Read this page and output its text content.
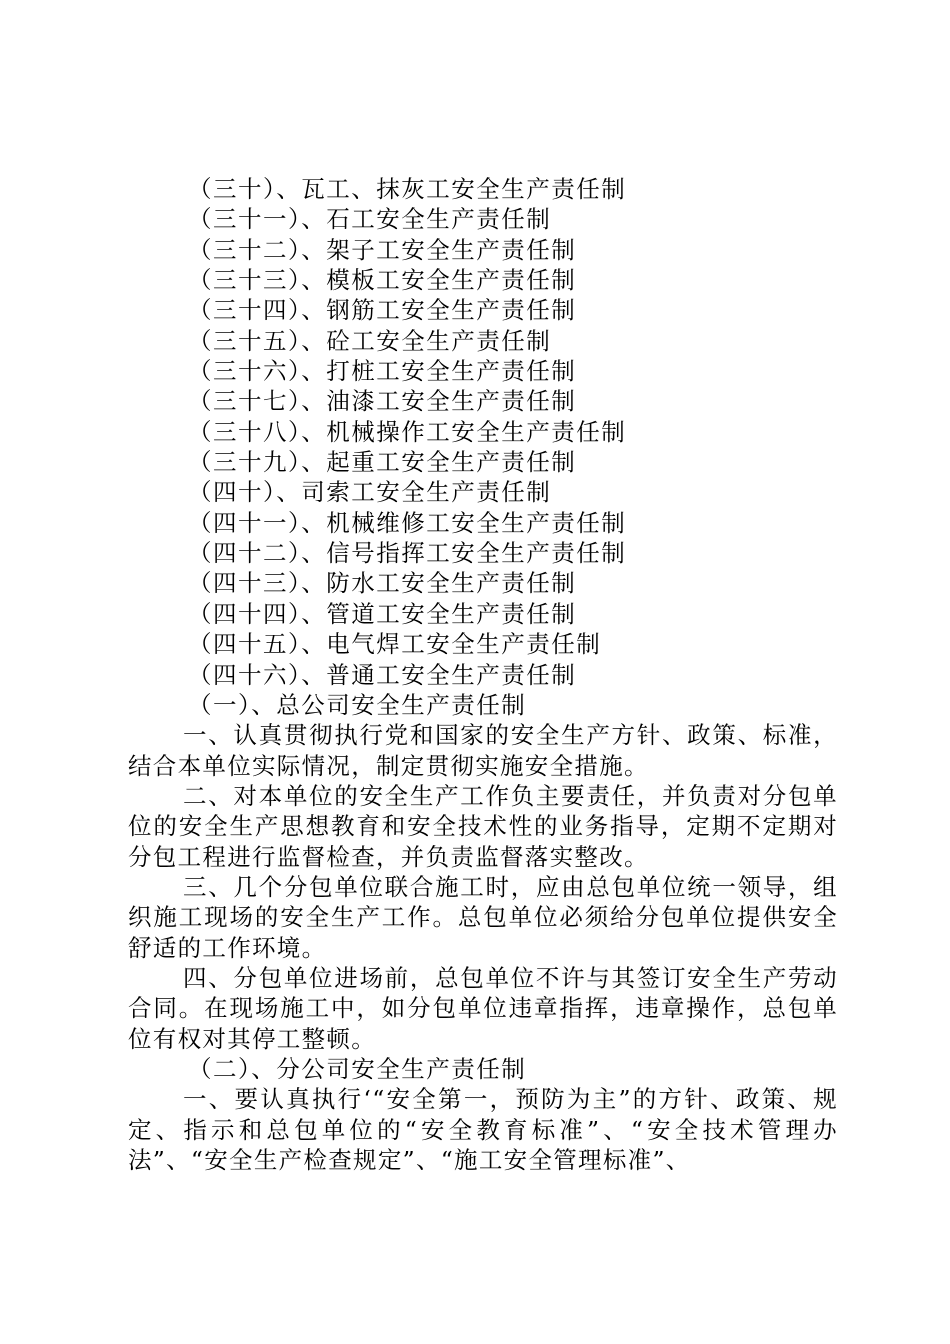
（三十）、瓦工、抹灰工安全生产责任制
（三十一）、石工安全生产责任制
（三十二）、架子工安全生产责任制
（三十三）、模板工安全生产责任制
（三十四）、钢筋工安全生产责任制
（三十五）、砼工安全生产责任制
（三十六）、打桩工安全生产责任制
（三十七）、油漆工安全生产责任制
（三十八）、机械操作工安全生产责任制
（三十九）、起重工安全生产责任制
（四十）、司索工安全生产责任制
（四十一）、机械维修工安全生产责任制
（四十二）、信号指挥工安全生产责任制
（四十三）、防水工安全生产责任制
（四十四）、管道工安全生产责任制
（四十五）、电气焊工安全生产责任制
（四十六）、普通工安全生产责任制
（一）、总公司安全生产责任制

一、认真贯彻执行党和国家的安全生产方针、政策、标准，结合本单位实际情况，制定贯彻实施安全措施。

二、对本单位的安全生产工作负主要责任，并负责对分包单位的安全生产思想教育和安全技术性的业务指导，定期不定期对分包工程进行监督检查，并负责监督落实整改。

三、几个分包单位联合施工时，应由总包单位统一领导，组织施工现场的安全生产工作。总包单位必须给分包单位提供安全舒适的工作环境。

四、分包单位进场前，总包单位不许与其签订安全生产劳动合同。在现场施工中，如分包单位违章指挥，违章操作，总包单位有权对其停工整顿。

（二）、分公司安全生产责任制

一、要认真执行‘“安全第一，预防为主”的方针、政策、规定、指示和总包单位的“安全教育标准”、“安全技术管理办法”、“安全生产检查规定”、“施工安全管理标准”、
